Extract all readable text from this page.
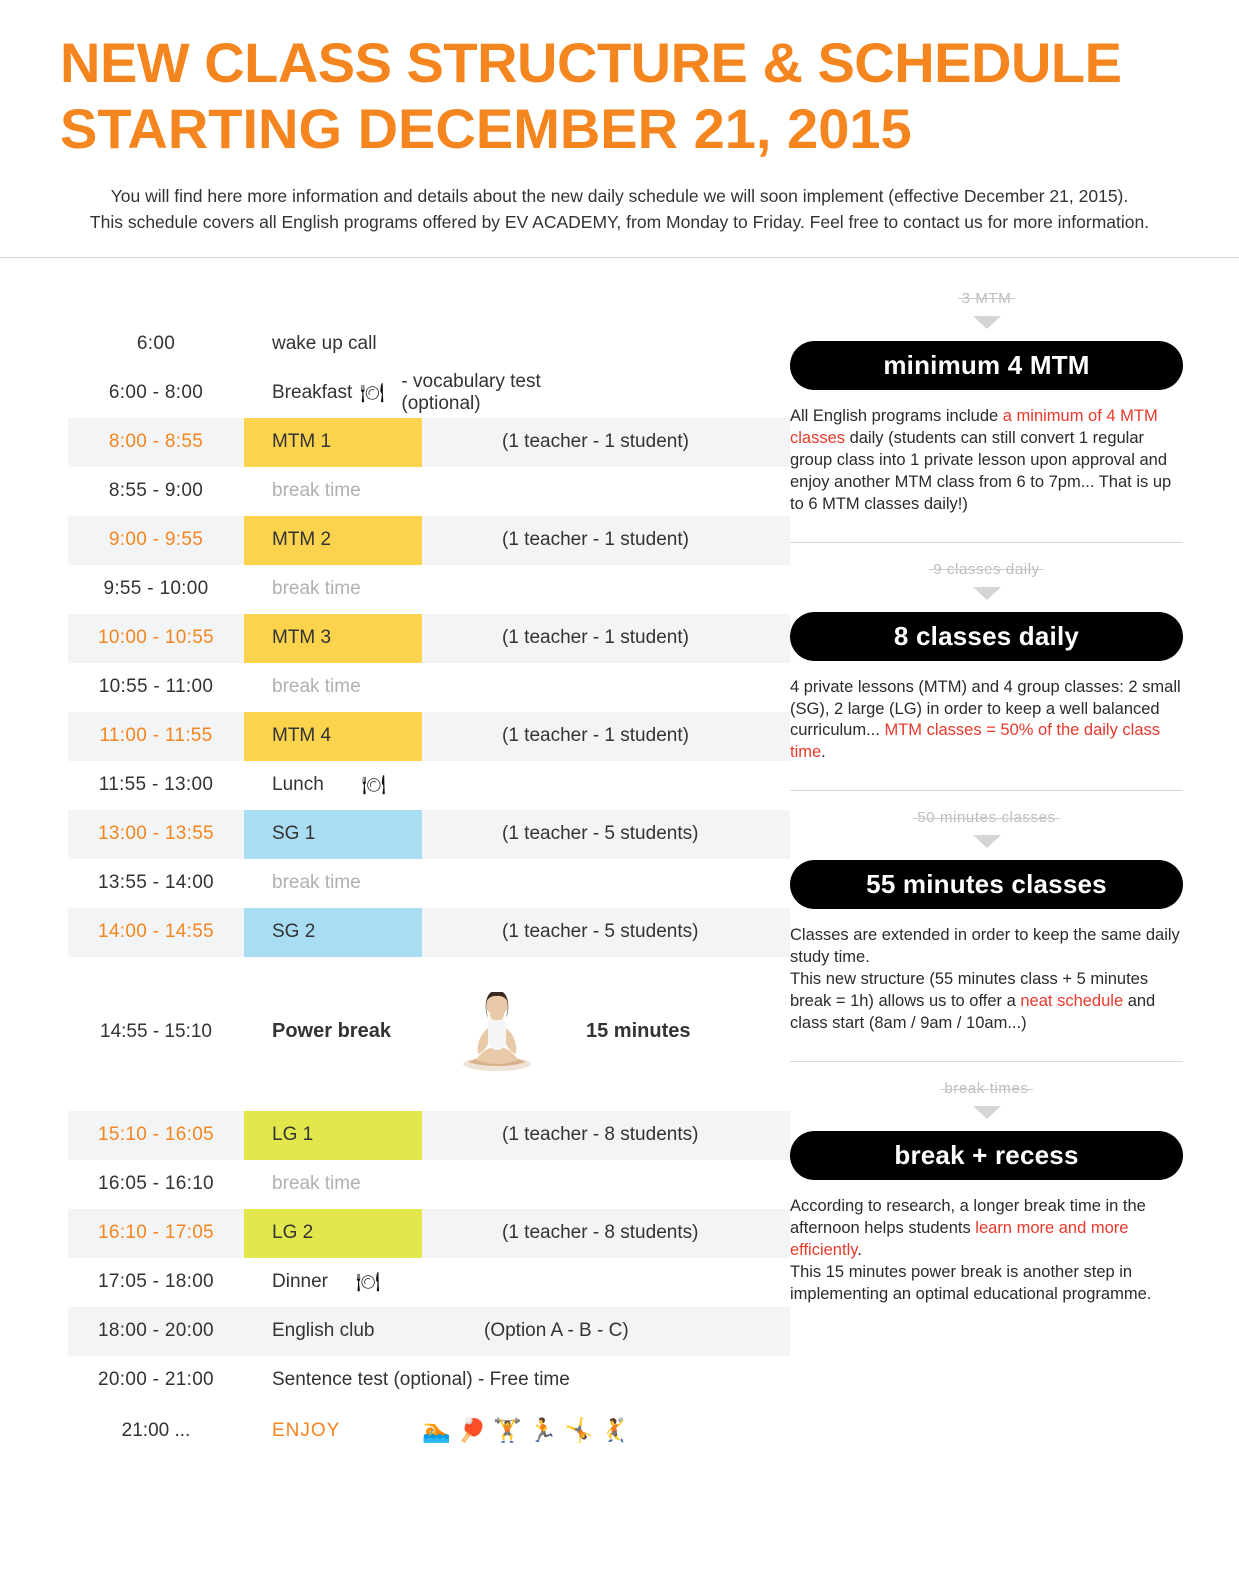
NEW CLASS STRUCTURE & SCHEDULE
STARTING DECEMBER 21, 2015
You will find here more information and details about the new daily schedule we will soon implement (effective December 21, 2015).
This schedule covers all English programs offered by EV ACADEMY, from Monday to Friday. Feel free to contact us for more information.
6:00	wake up call
6:00 - 8:00	Breakfast 🍽
- vocabulary test (optional)
8:00 - 8:55	MTM 1	(1 teacher - 1 student)
8:55 - 9:00	break time
9:00 - 9:55	MTM 2	(1 teacher - 1 student)
9:55 - 10:00	break time
10:00 - 10:55	MTM 3	(1 teacher - 1 student)
10:55 - 11:00	break time
11:00 - 11:55	MTM 4	(1 teacher - 1 student)
11:55 - 13:00	Lunch 🍽
13:00 - 13:55	SG 1	(1 teacher - 5 students)
13:55 - 14:00	break time
14:00 - 14:55	SG 2	(1 teacher - 5 students)
14:55 - 15:10	Power break	15 minutes
15:10 - 16:05	LG 1	(1 teacher - 8 students)
16:05 - 16:10	break time
16:10 - 17:05	LG 2	(1 teacher - 8 students)
17:05 - 18:00	Dinner 🍽
18:00 - 20:00	English club	(Option A - B - C)
20:00 - 21:00	Sentence test (optional) - Free time
21:00 ...	ENJOY	🏊🏓🏋🏃🤸🤾
3 MTM
minimum 4 MTM
All English programs include a minimum of 4 MTM classes daily (students can still convert 1 regular group class into 1 private lesson upon approval and enjoy another MTM class from 6 to 7pm... That is up to 6 MTM classes daily!)
9 classes daily
8 classes daily
4 private lessons (MTM) and 4 group classes: 2 small (SG), 2 large (LG) in order to keep a well balanced curriculum... MTM classes = 50% of the daily class time.
50 minutes classes
55 minutes classes
Classes are extended in order to keep the same daily study time.
This new structure (55 minutes class + 5 minutes break = 1h) allows us to offer a neat schedule and class start (8am / 9am / 10am...)
break times
break + recess
According to research, a longer break time in the afternoon helps students learn more and more efficiently.
This 15 minutes power break is another step in implementing an optimal educational programme.
